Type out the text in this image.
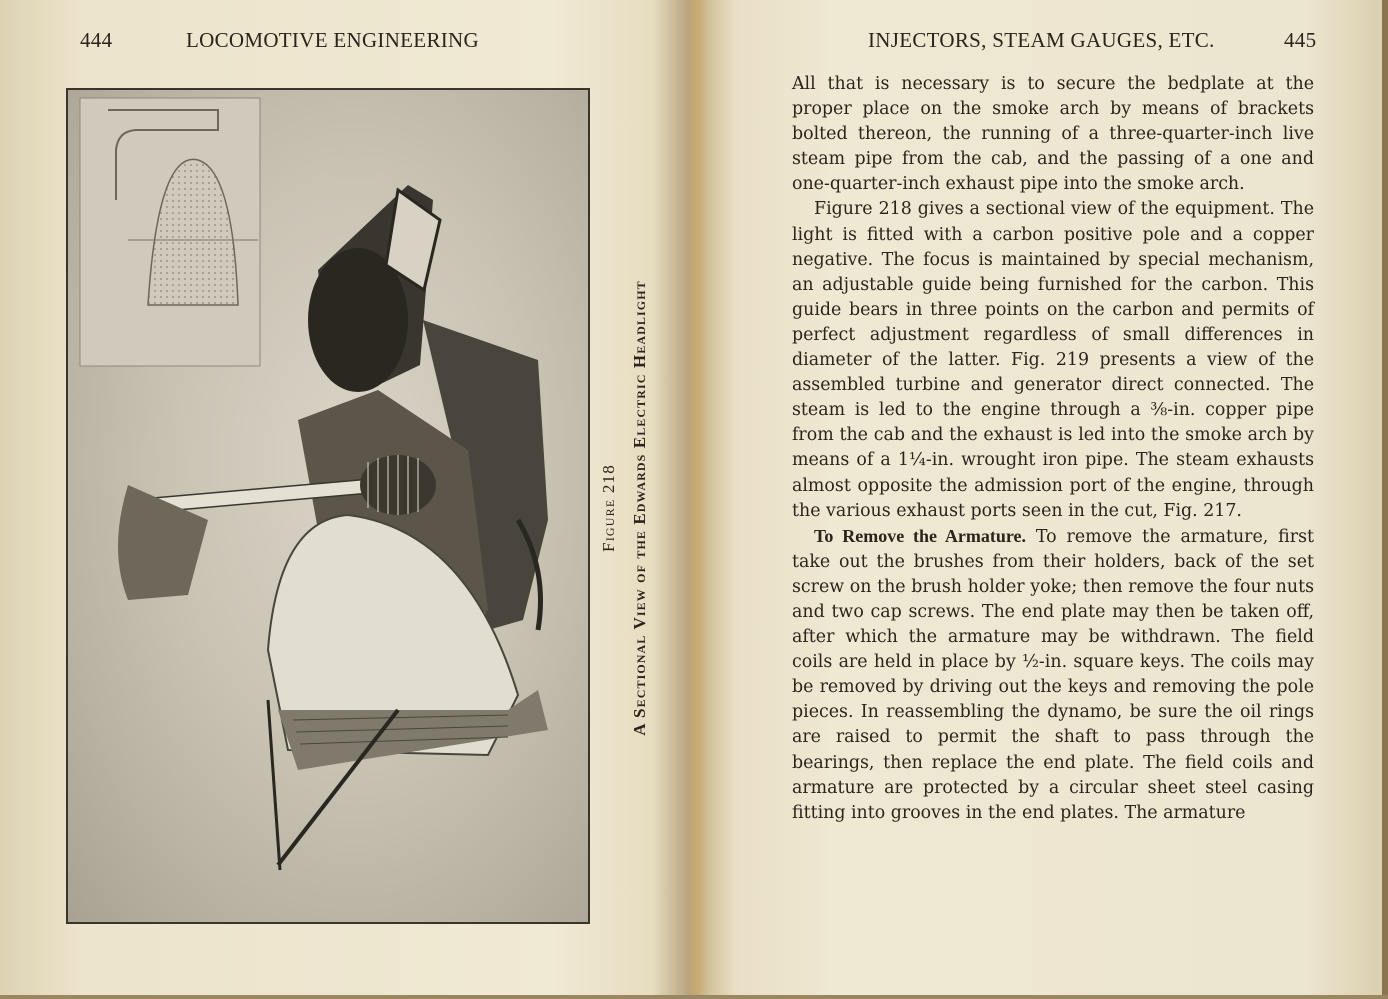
444	LOCOMOTIVE ENGINEERING
Figure 218 A Sectional View of the Edwards Electric Headlight
INJECTORS, STEAM GAUGES, ETC.	445

All that is necessary is to secure the bedplate at the proper place on the smoke arch by means of brackets bolted thereon, the running of a three-quarter-inch live steam pipe from the cab, and the passing of a one and one-quarter-inch exhaust pipe into the smoke arch.

Figure 218 gives a sectional view of the equipment. The light is fitted with a carbon positive pole and a copper negative. The focus is maintained by special mechanism, an adjustable guide being furnished for the carbon. This guide bears in three points on the carbon and permits of perfect adjustment regardless of small differences in diameter of the latter. Fig. 219 presents a view of the assembled turbine and generator direct connected. The steam is led to the engine through a ⅜-in. copper pipe from the cab and the exhaust is led into the smoke arch by means of a 1¼-in. wrought iron pipe. The steam exhausts almost opposite the admission port of the engine, through the various exhaust ports seen in the cut, Fig. 217.

To Remove the Armature. To remove the armature, first take out the brushes from their holders, back of the set screw on the brush holder yoke; then remove the four nuts and two cap screws. The end plate may then be taken off, after which the armature may be withdrawn. The field coils are held in place by ½-in. square keys. The coils may be removed by driving out the keys and removing the pole pieces. In reassembling the dynamo, be sure the oil rings are raised to permit the shaft to pass through the bearings, then replace the end plate. The field coils and armature are protected by a circular sheet steel casing fitting into grooves in the end plates. The armature
